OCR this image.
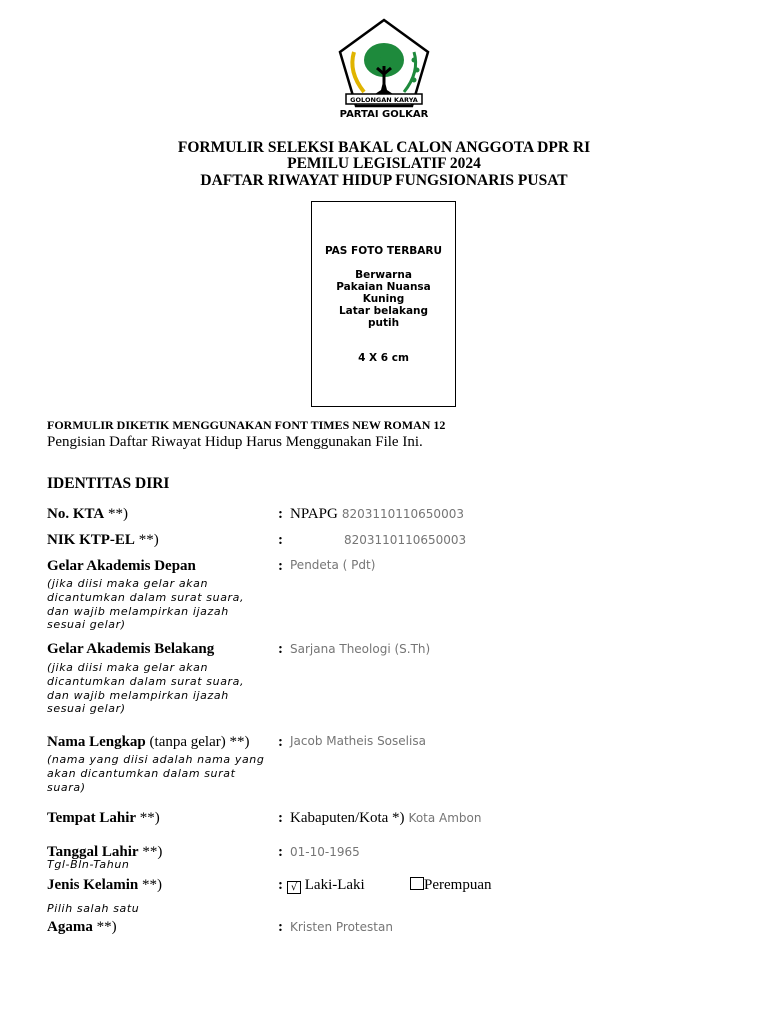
GOLONGAN KARYA
PARTAI GOLKAR
FORMULIR SELEKSI BAKAL CALON ANGGOTA DPR RI
PEMILU LEGISLATIF 2024
DAFTAR RIWAYAT HIDUP FUNGSIONARIS PUSAT
PAS FOTO TERBARU
Berwarna
Pakaian Nuansa
Kuning
Latar belakang
putih
4 X 6 cm
FORMULIR DIKETIK MENGGUNAKAN FONT TIMES NEW ROMAN 12
Pengisian Daftar Riwayat Hidup Harus Menggunakan File Ini.
IDENTITAS DIRI
No. KTA **)	: NPAPG 8203110110650003
NIK KTP-EL **)	:	8203110110650003
Gelar Akademis Depan
(jika diisi maka gelar akan dicantumkan dalam surat suara, dan wajib melampirkan ijazah sesuai gelar)
: Pendeta ( Pdt)
Gelar Akademis Belakang
(jika diisi maka gelar akan dicantumkan dalam surat suara, dan wajib melampirkan ijazah sesuai gelar)
: Sarjana Theologi (S.Th)
Nama Lengkap (tanpa gelar) **)
(nama yang diisi adalah nama yang akan dicantumkan dalam surat suara)
: Jacob Matheis Soselisa
Tempat Lahir **)	: Kabaputen/Kota *) Kota Ambon
Tanggal Lahir **)
Tgl-Bln-Tahun
: 01-10-1965
Jenis Kelamin **)
Pilih salah satu
: √ Laki-Laki	Perempuan
Agama **)	: Kristen Protestan
